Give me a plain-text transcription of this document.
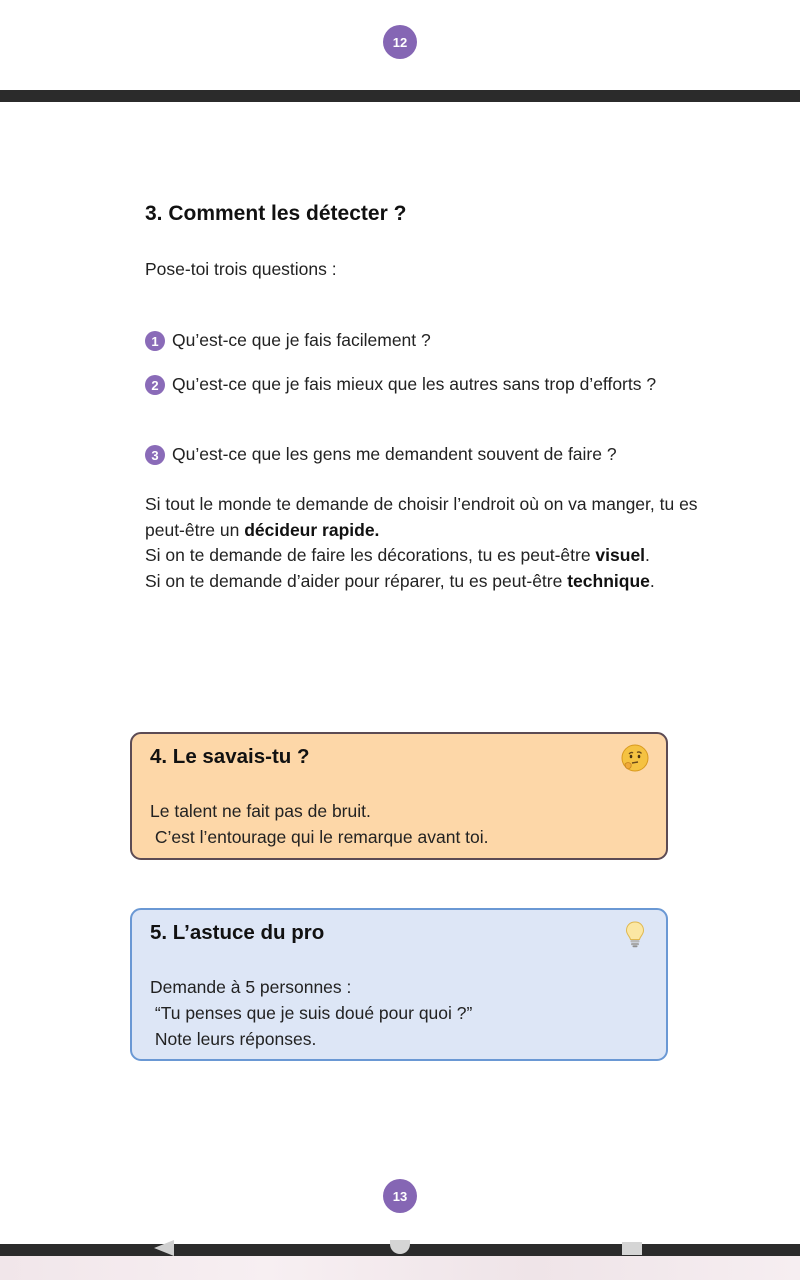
12
3. Comment les détecter ?

Pose-toi trois questions :

1 Qu’est-ce que je fais facilement ?
2 Qu’est-ce que je fais mieux que les autres sans trop d’efforts ?
3 Qu’est-ce que les gens me demandent souvent de faire ?

Si tout le monde te demande de choisir l’endroit où on va manger, tu es peut-être un décideur rapide.
Si on te demande de faire les décorations, tu es peut-être visuel.
Si on te demande d’aider pour réparer, tu es peut-être technique.

4. Le savais-tu ?

Le talent ne fait pas de bruit.
C’est l’entourage qui le remarque avant toi.

5. L’astuce du pro

Demande à 5 personnes :
“Tu penses que je suis doué pour quoi ?”
Note leurs réponses.

13
